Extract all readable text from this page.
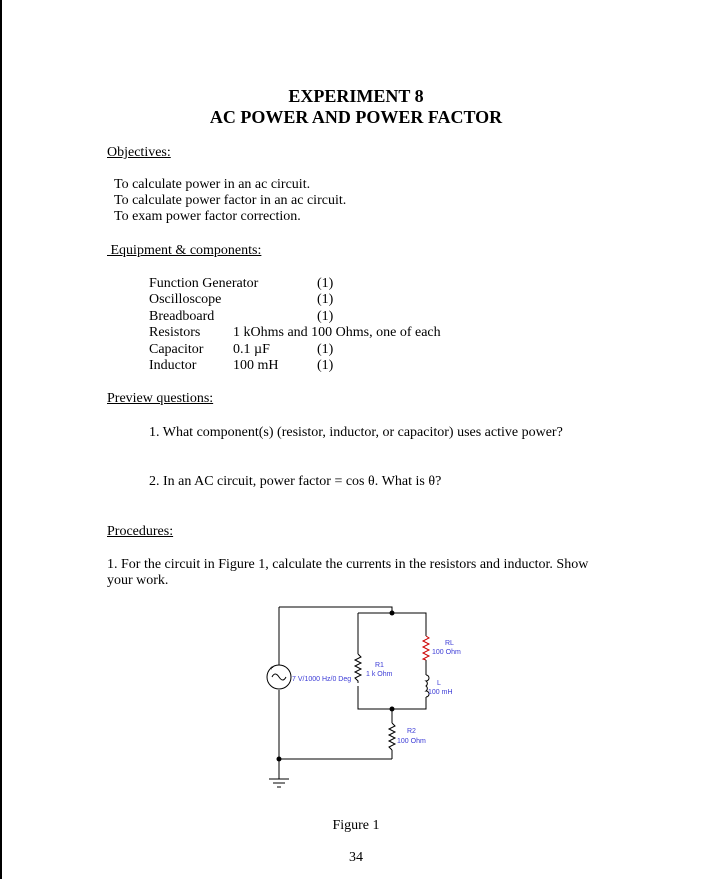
EXPERIMENT 8
AC POWER AND POWER FACTOR
Objectives:
To calculate power in an ac circuit.
To calculate power factor in an ac circuit.
To exam power factor correction.
Equipment & components:
Function Generator	(1)
Oscilloscope	(1)
Breadboard	(1)
Resistors 1 kOhms and 100 Ohms, one of each
Capacitor 0.1 µF	(1)
Inductor	100 mH	(1)
Preview questions:
1. What component(s) (resistor, inductor, or capacitor) uses active power?
2. In an AC circuit, power factor = cos θ. What is θ?
Procedures:
1. For the circuit in Figure 1, calculate the currents in the resistors and inductor. Show
your work.
+
7 V/1000 Hz/0 Deg
R1
1 k Ohm
RL
100 Ohm
L
100 mH
R2
100 Ohm
Figure 1
34
